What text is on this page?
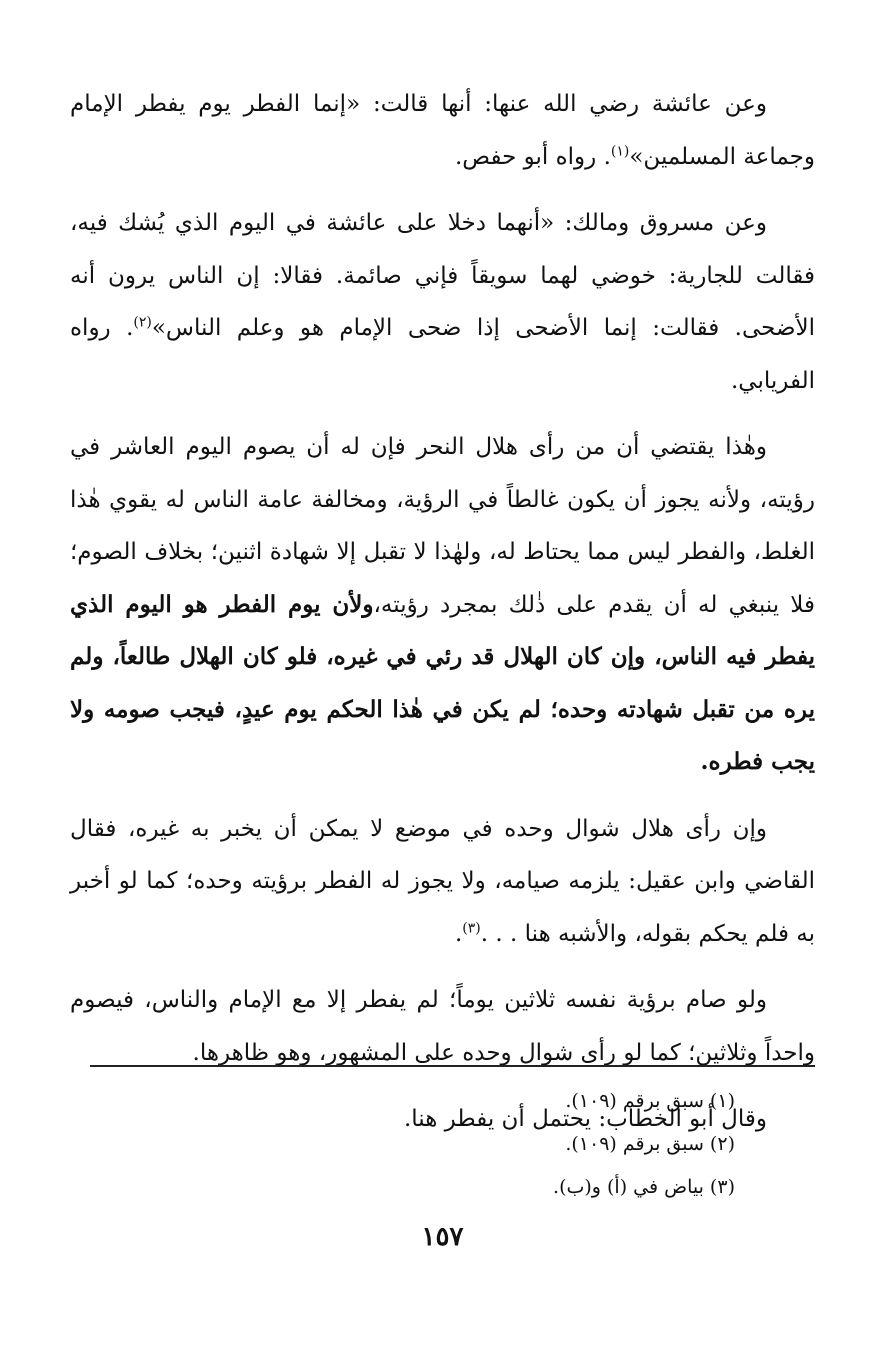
وعن عائشة رضي الله عنها: أنها قالت: «إنما الفطر يوم يفطر الإمام وجماعة المسلمين»$^{(١)}$. رواه أبو حفص.

وعن مسروق ومالك: «أنهما دخلا على عائشة في اليوم الذي يُشك فيه، فقالت للجارية: خوضي لهما سويقاً فإني صائمة. فقالا: إن الناس يرون أنه الأضحى. فقالت: إنما الأضحى إذا ضحى الإمام هو وعلم الناس»$^{(٢)}$. رواه الفريابي.

وهٰذا يقتضي أن من رأى هلال النحر فإن له أن يصوم اليوم العاشر في رؤيته، ولأنه يجوز أن يكون غالطاً في الرؤية، ومخالفة عامة الناس له يقوي هٰذا الغلط، والفطر ليس مما يحتاط له، ولهٰذا لا تقبل إلا شهادة اثنين؛ بخلاف الصوم؛ فلا ينبغي له أن يقدم على ذٰلك بمجرد رؤيته،ولأن يوم الفطر هو اليوم الذي يفطر فيه الناس، وإن كان الهلال قد رئي في غيره، فلو كان الهلال طالعاً، ولم يره من تقبل شهادته وحده؛ لم يكن في هٰذا الحكم يوم عيدٍ، فيجب صومه ولا يجب فطره.

وإن رأى هلال شوال وحده في موضع لا يمكن أن يخبر به غيره، فقال القاضي وابن عقيل: يلزمه صيامه، ولا يجوز له الفطر برؤيته وحده؛ كما لو أخبر به فلم يحكم بقوله، والأشبه هنا . . .$^{(٣)}$.

ولو صام برؤية نفسه ثلاثين يوماً؛ لم يفطر إلا مع الإمام والناس، فيصوم واحداً وثلاثين؛ كما لو رأى شوال وحده على المشهور، وهو ظاهرها.

وقال أبو الخطاب: يحتمل أن يفطر هنا.

(١) سبق برقم (١٠٩).

(٢) سبق برقم (١٠٩).

(٣) بياض في (أ) و(ب).

١٥٧
